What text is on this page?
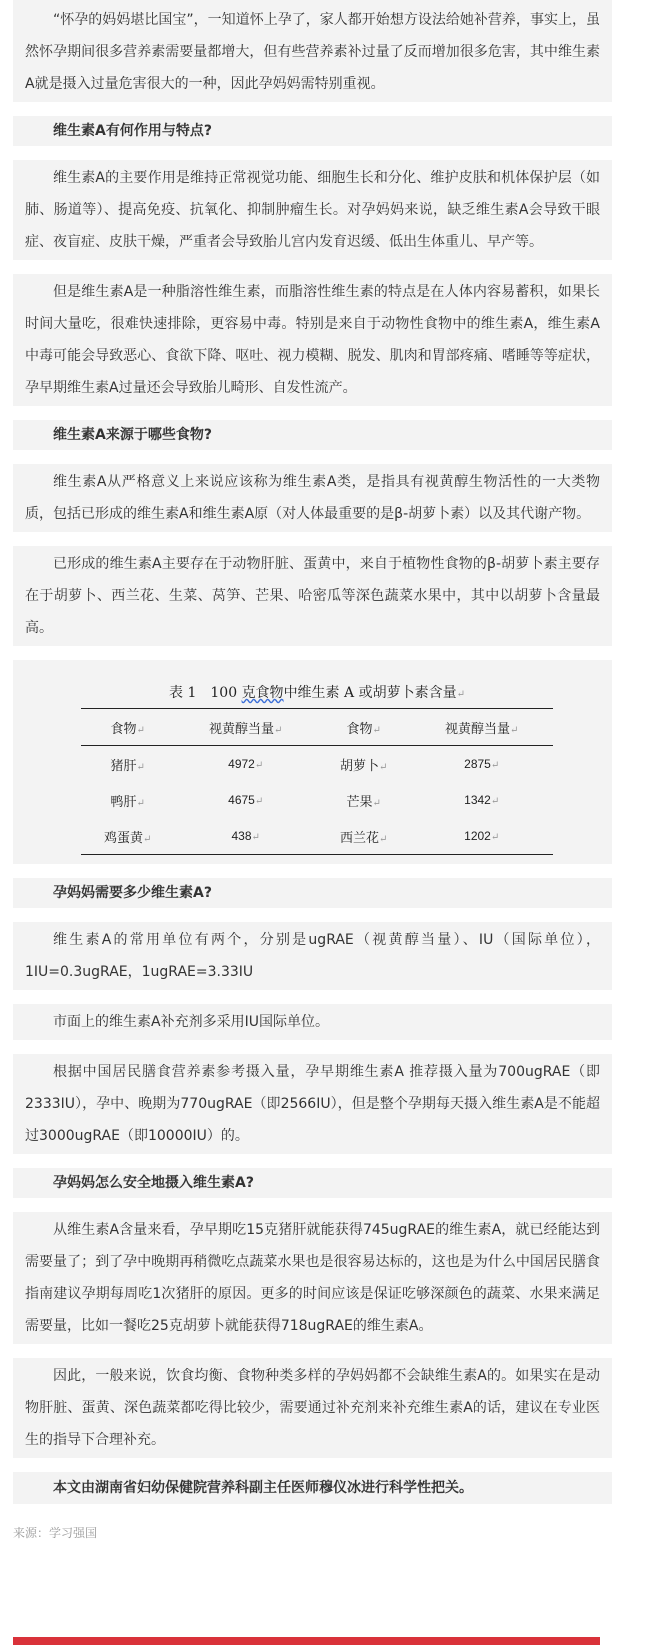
“怀孕的妈妈堪比国宝”，一知道怀上孕了，家人都开始想方设法给她补营养，事实上，虽然怀孕期间很多营养素需要量都增大，但有些营养素补过量了反而增加很多危害，其中维生素A就是摄入过量危害很大的一种，因此孕妈妈需特别重视。
维生素A有何作用与特点?
维生素A的主要作用是维持正常视觉功能、细胞生长和分化、维护皮肤和机体保护层（如肺、肠道等）、提高免疫、抗氧化、抑制肿瘤生长。对孕妈妈来说，缺乏维生素A会导致干眼症、夜盲症、皮肤干燥，严重者会导致胎儿宫内发育迟缓、低出生体重儿、早产等。
但是维生素A是一种脂溶性维生素，而脂溶性维生素的特点是在人体内容易蓄积，如果长时间大量吃，很难快速排除，更容易中毒。特别是来自于动物性食物中的维生素A，维生素A中毒可能会导致恶心、食欲下降、呕吐、视力模糊、脱发、肌肉和胃部疼痛、嗜睡等等症状，孕早期维生素A过量还会导致胎儿畸形、自发性流产。
维生素A来源于哪些食物?
维生素A从严格意义上来说应该称为维生素A类，是指具有视黄醇生物活性的一大类物质，包括已形成的维生素A和维生素A原（对人体最重要的是β-胡萝卜素）以及其代谢产物。
已形成的维生素A主要存在于动物肝脏、蛋黄中，来自于植物性食物的β-胡萝卜素主要存在于胡萝卜、西兰花、生菜、莴笋、芒果、哈密瓜等深色蔬菜水果中，其中以胡萝卜含量最高。
表 1　100 克食物中维生素 A 或胡萝卜素含量↵
食物↵	视黄醇当量↵	食物↵	视黄醇当量↵
猪肝↵	4972↵	胡萝卜↵	2875↵
鸭肝↵	4675↵	芒果↵	1342↵
鸡蛋黄↵	438↵	西兰花↵	1202↵
孕妈妈需要多少维生素A?
维生素A的常用单位有两个，分别是ugRAE（视黄醇当量）、IU（国际单位），1IU=0.3ugRAE，1ugRAE=3.33IU
市面上的维生素A补充剂多采用IU国际单位。
根据中国居民膳食营养素参考摄入量，孕早期维生素A 推荐摄入量为700ugRAE（即2333IU），孕中、晚期为770ugRAE（即2566IU），但是整个孕期每天摄入维生素A是不能超过3000ugRAE（即10000IU）的。
孕妈妈怎么安全地摄入维生素A?
从维生素A含量来看，孕早期吃15克猪肝就能获得745ugRAE的维生素A，就已经能达到需要量了；到了孕中晚期再稍微吃点蔬菜水果也是很容易达标的，这也是为什么中国居民膳食指南建议孕期每周吃1次猪肝的原因。更多的时间应该是保证吃够深颜色的蔬菜、水果来满足需要量，比如一餐吃25克胡萝卜就能获得718ugRAE的维生素A。
因此，一般来说，饮食均衡、食物种类多样的孕妈妈都不会缺维生素A的。如果实在是动物肝脏、蛋黄、深色蔬菜都吃得比较少，需要通过补充剂来补充维生素A的话，建议在专业医生的指导下合理补充。
本文由湖南省妇幼保健院营养科副主任医师穆仪冰进行科学性把关。
来源：学习强国
